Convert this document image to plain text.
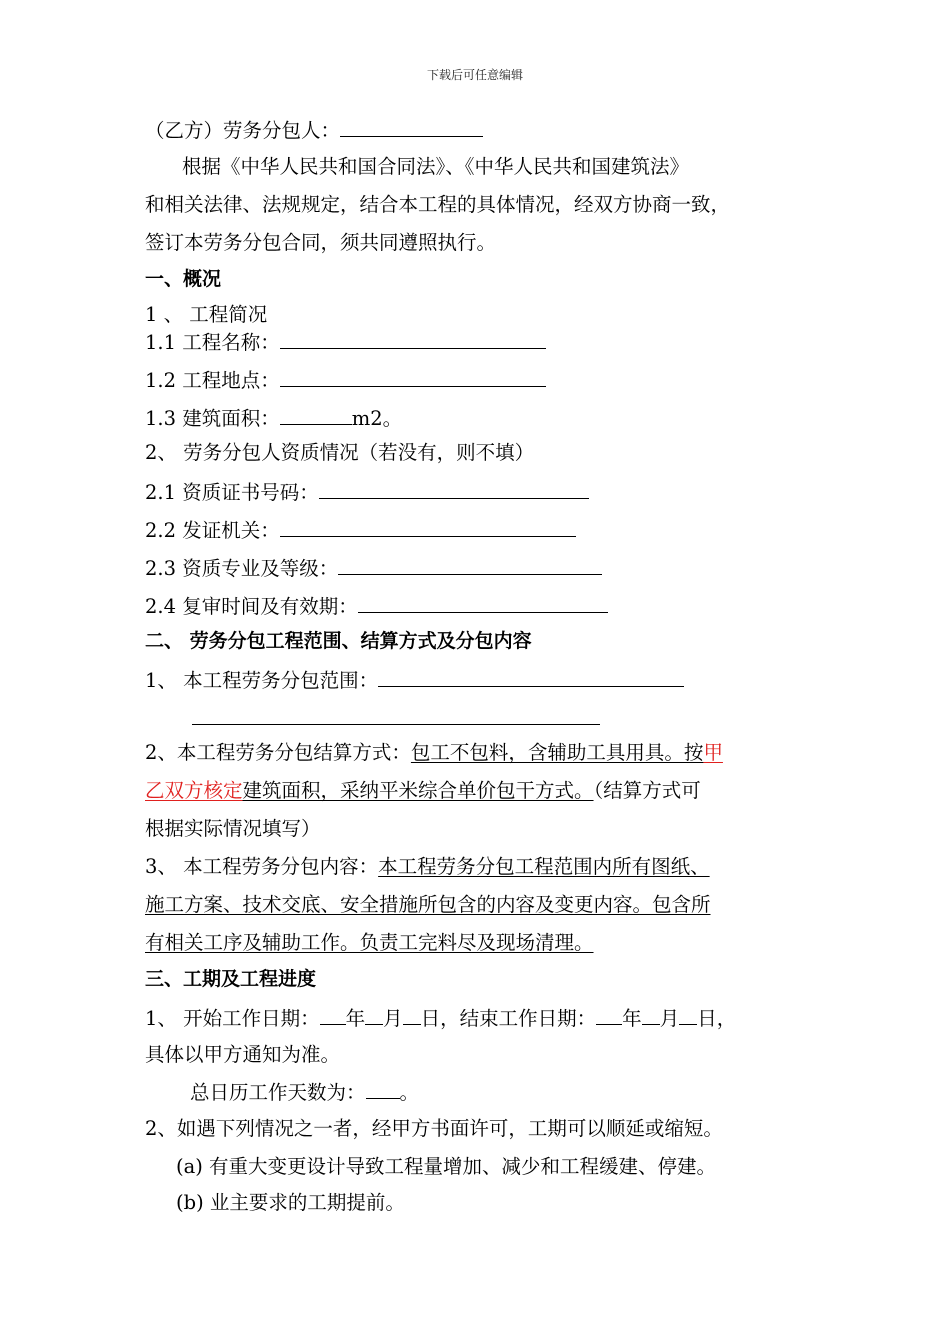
下载后可任意编辑
（乙方）劳务分包人：
根据《中华人民共和国合同法》、《中华人民共和国建筑法》
和相关法律、法规规定，结合本工程的具体情况，经双方协商一致，
签订本劳务分包合同，须共同遵照执行。
一、概况
1 、 工程简况
1.1 工程名称：
1.2 工程地点：
1.3 建筑面积：	m2。
2、 劳务分包人资质情况（若没有，则不填）
2.1 资质证书号码：
2.2 发证机关：
2.3 资质专业及等级：
2.4 复审时间及有效期：
二、 劳务分包工程范围、结算方式及分包内容
1、 本工程劳务分包范围：
2、本工程劳务分包结算方式：包工不包料，含辅助工具用具。按甲
乙双方核定建筑面积，采纳平米综合单价包干方式。（结算方式可
根据实际情况填写）
3、 本工程劳务分包内容：本工程劳务分包工程范围内所有图纸、
施工方案、技术交底、安全措施所包含的内容及变更内容。包含所
有相关工序及辅助工作。负责工完料尽及现场清理。
三、工期及工程进度
1、 开始工作日期： 年 月 日，结束工作日期： 年 月 日，
具体以甲方通知为准。
总日历工作天数为： 。
2、如遇下列情况之一者，经甲方书面许可，工期可以顺延或缩短。
(a) 有重大变更设计导致工程量增加、减少和工程缓建、停建。
(b) 业主要求的工期提前。
